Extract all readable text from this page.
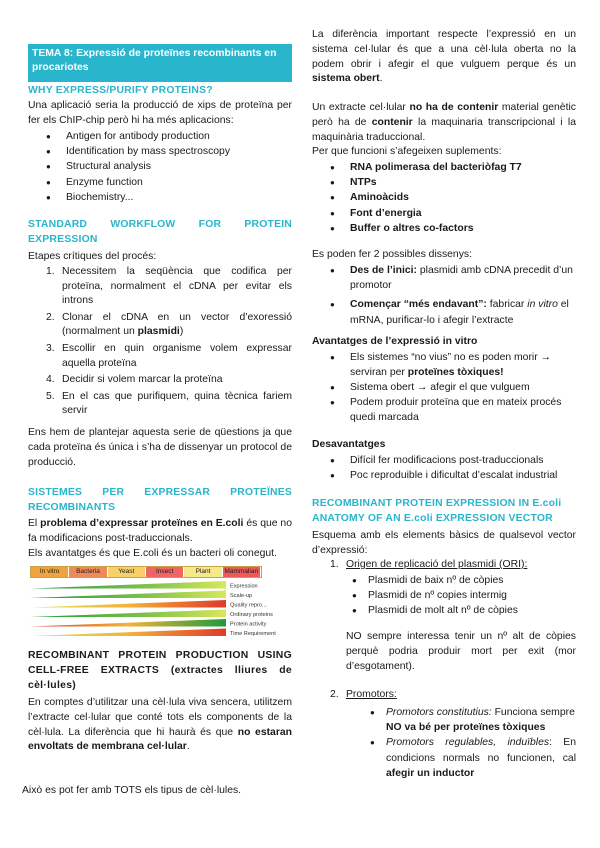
TEMA 8: Expressió de proteïnes recombinants en procariotes
WHY EXPRESS/PURIFY PROTEINS?
Una aplicació seria la producció de xips de proteïna per fer els ChIP-chip però hi ha més aplicacions:
● Antigen for antibody production
● Identification by mass spectroscopy
● Structural analysis
● Enzyme function
● Biochemistry...
STANDARD WORKFLOW FOR PROTEIN
EXPRESSION
Etapes crítiques del procés:
1. Necessitem la seqüència que codifica per proteïna, normalment el cDNA per evitar els introns
2. Clonar el cDNA en un vector d’exoressió (normalment un plasmidi)
3. Escollir en quin organisme volem expressar aquella proteïna
4. Decidir si volem marcar la proteïna
5. En el cas que purifiquem, quina tècnica fariem servir
Ens hem de plantejar aquesta serie de qüestions ja que cada proteïna és única i s’ha de dissenyar un protocol de producció.
SISTEMES PER EXPRESSAR PROTEÏNES
RECOMBINANTS
El problema d’expressar proteïnes en E.coli és que no fa modificacions post-traduccionals.
Els avantatges és que E.coli és un bacteri oli conegut.
In vitro	Bacteria	Yeast	Insect	Plant	Mammalian
Expression
Scale-up
Quality repro...
Ordinary proteins
Protein activity
Time Requirement
RECOMBINANT PROTEIN PRODUCTION USING CELL-FREE EXTRACTS (extractes lliures de cèl·lules)
En comptes d’utilitzar una cèl·lula viva sencera, utilitzem l’extracte cel·lular que conté tots els components de la cèl·lula. La diferència que hi haurà és que no estaran envoltats de membrana cel·lular.
Això es pot fer amb TOTS els tipus de cèl·lules.
La diferència important respecte l’expressió en un sistema cel·lular és que a una cèl·lula oberta no la podem obrir i afegir el que vulguem perque és un sistema obert.
Un extracte cel·lular no ha de contenir material genètic però ha de contenir la maquinaria transcripcional i la maquinària traduccional.
Per que funcioni s’afegeixen suplements:
● RNA polimerasa del bacteriòfag T7
● NTPs
● Aminoàcids
● Font d’energia
● Buffer o altres co-factors
Es poden fer 2 possibles dissenys:
● Des de l’inici: plasmidi amb cDNA precedit d’un promotor
● Començar “més endavant”: fabricar in vitro el mRNA, purificar-lo i afegir l’extracte
Avantatges de l’expressió in vitro
● Els sistemes “no vius” no es poden morir → serviran per proteïnes tòxiques!
● Sistema obert → afegir el que vulguem
● Podem produir proteïna que en mateix procés quedi marcada
Desavantatges
● Difícil fer modificacions post-traduccionals
● Poc reproduible i dificultat d’escalat industrial
RECOMBINANT PROTEIN EXPRESSION IN E.coli
ANATOMY OF AN E.coli EXPRESSION VECTOR
Esquema amb els elements bàsics de qualsevol vector d’expressió:
1. Origen de replicació del plasmidi (ORI):
● Plasmidi de baix nº de còpies
● Plasmidi de nº copies intermig
● Plasmidi de molt alt nº de còpies
NO sempre interessa tenir un nº alt de còpies perquè podria produir mort per exit (mor d’esgotament).
2. Promotors:
● Promotors constitutius: Funciona sempre
NO va bé per proteïnes tòxiques
● Promotors regulables, induïbles: En condicions normals no funcionen, cal afegir un inductor
